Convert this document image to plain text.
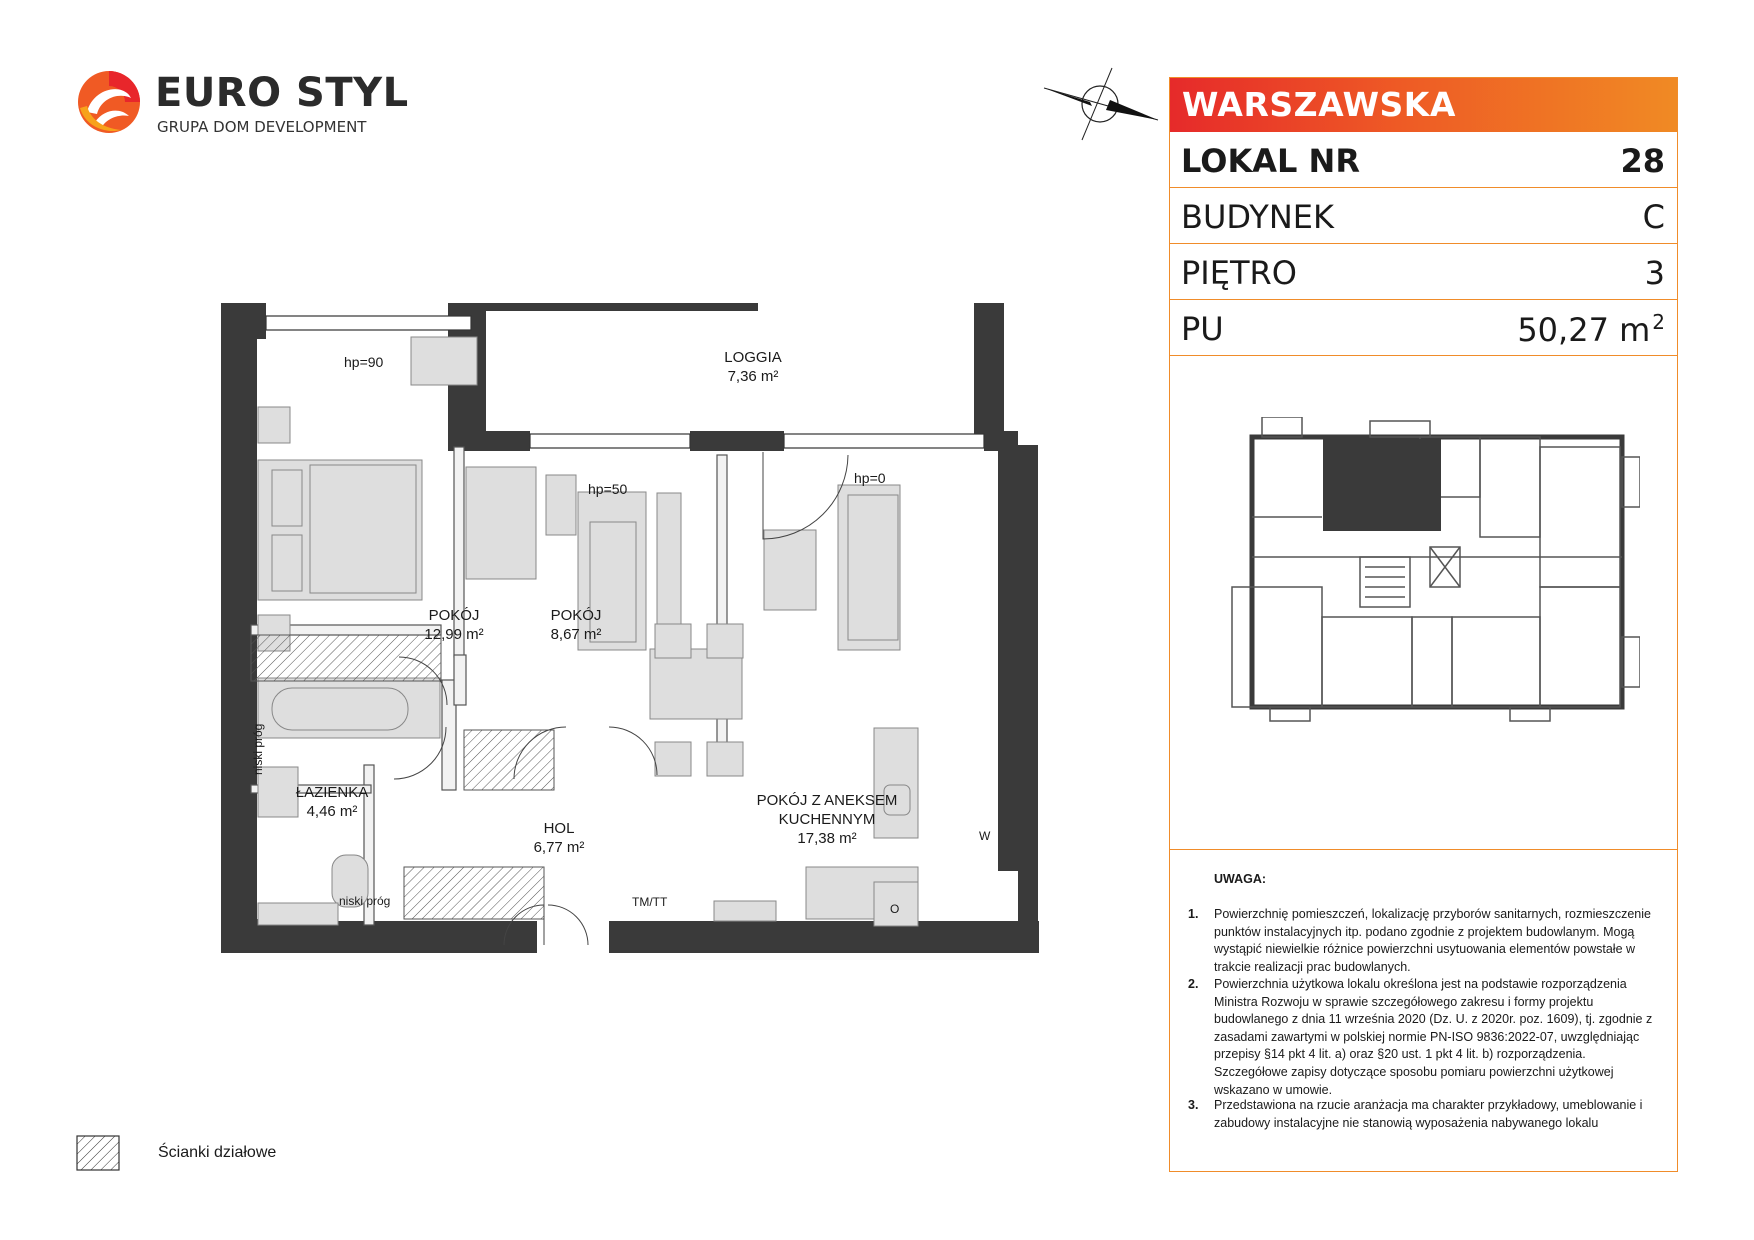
EURO STYL
GRUPA DOM DEVELOPMENT
WARSZAWSKA
LOKAL NR	28
BUDYNEK	C
PIĘTRO	3
PU	50,27 m $^2$
UWAGA:
1. Powierzchnię pomieszczeń, lokalizację przyborów sanitarnych, rozmieszczenie punktów instalacyjnych itp. podano zgodnie z projektem budowlanym. Mogą wystąpić niewielkie różnice powierzchni usytuowania elementów powstałe w trakcie realizacji prac budowlanych.
2. Powierzchnia użytkowa lokalu określona jest na podstawie rozporządzenia Ministra Rozwoju w sprawie szczegółowego zakresu i formy projektu budowlanego z dnia 11 września 2020 (Dz. U. z 2020r. poz. 1609), tj. zgodnie z zasadami zawartymi w polskiej normie PN-ISO 9836:2022-07, uwzględniając przepisy §14 pkt 4 lit. a) oraz §20 ust. 1 pkt 4 lit. b) rozporządzenia. Szczegółowe zapisy dotyczące sposobu pomiaru powierzchni użytkowej wskazano w umowie.
3. Przedstawiona na rzucie aranżacja ma charakter przykładowy, umeblowanie i zabudowy instalacyjne nie stanowią wyposażenia nabywanego lokalu
LOGGIA
7,36 m²
POKÓJ
12,99 m²
POKÓJ
8,67 m²
ŁAZIENKA
4,46 m²
HOL
6,77 m²
POKÓJ Z ANEKSEM
KUCHENNYM
17,38 m²
hp=90
hp=50
hp=0
niski próg
niski próg
TM/TT
W
O
Ścianki działowe
